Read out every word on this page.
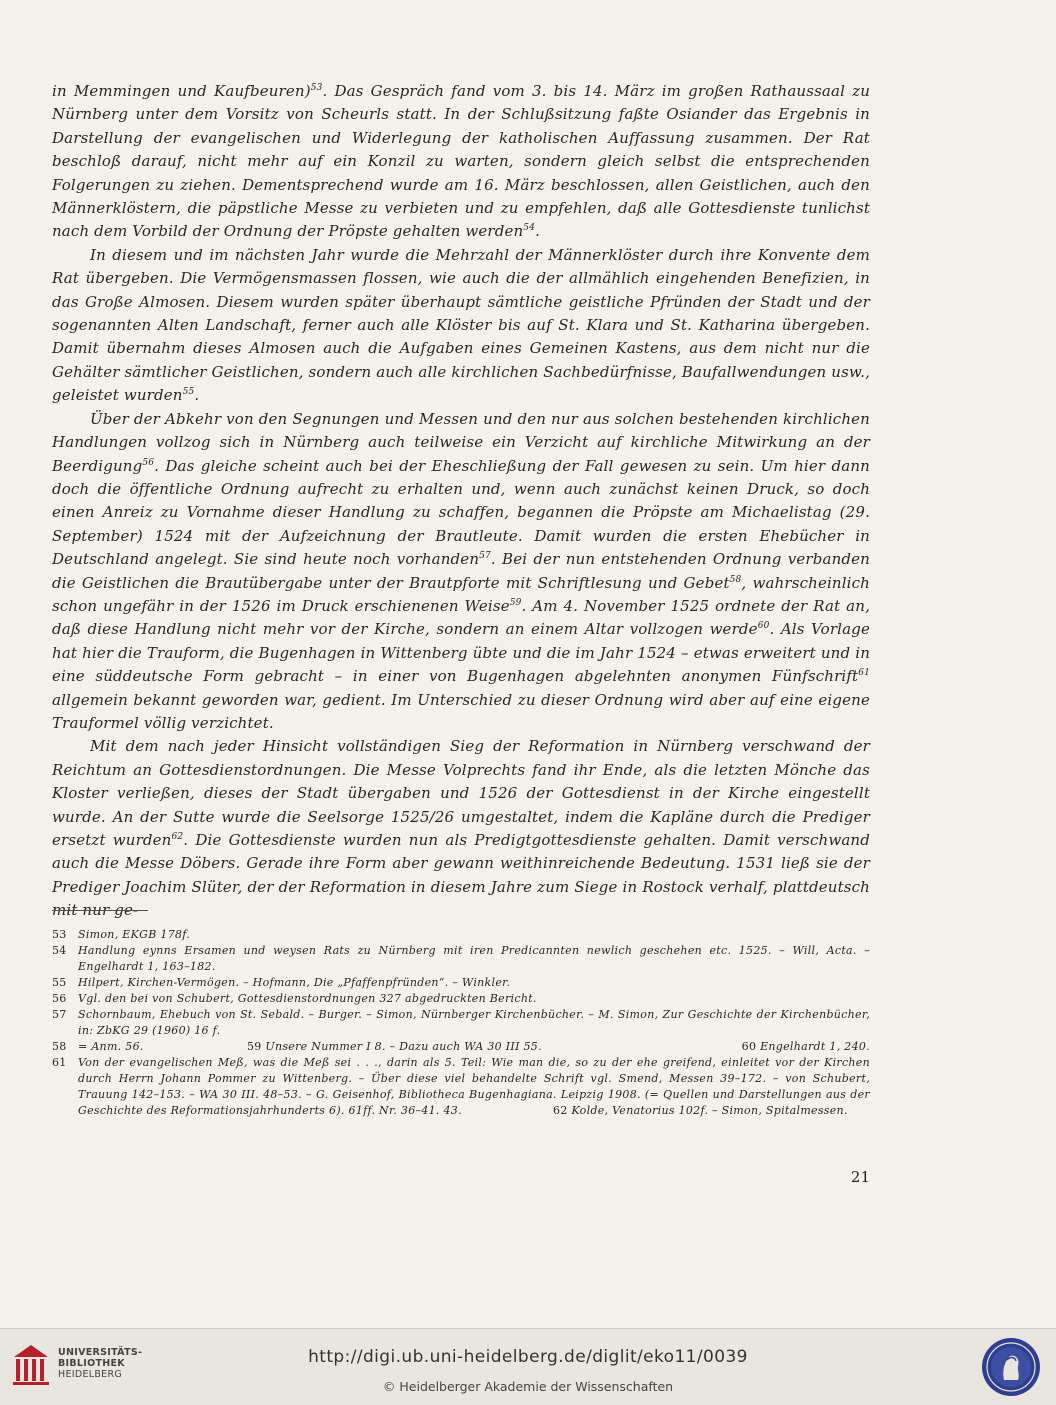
in Memmingen und Kaufbeuren)$^{53}$. Das Gespräch fand vom 3. bis 14. März im großen Rathaussaal zu Nürnberg unter dem Vorsitz von Scheurls statt. In der Schlußsitzung faßte Osiander das Ergebnis in Darstellung der evangelischen und Widerlegung der katholischen Auffassung zusammen. Der Rat beschloß darauf, nicht mehr auf ein Konzil zu warten, sondern gleich selbst die entsprechenden Folgerungen zu ziehen. Dementsprechend wurde am 16. März beschlossen, allen Geistlichen, auch den Männerklöstern, die päpstliche Messe zu verbieten und zu empfehlen, daß alle Gottesdienste tunlichst nach dem Vorbild der Ordnung der Pröpste gehalten werden$^{54}$.

In diesem und im nächsten Jahr wurde die Mehrzahl der Männerklöster durch ihre Konvente dem Rat übergeben. Die Vermögensmassen flossen, wie auch die der allmählich eingehenden Benefizien, in das Große Almosen. Diesem wurden später überhaupt sämtliche geistliche Pfründen der Stadt und der sogenannten Alten Landschaft, ferner auch alle Klöster bis auf St. Klara und St. Katharina übergeben. Damit übernahm dieses Almosen auch die Aufgaben eines Gemeinen Kastens, aus dem nicht nur die Gehälter sämtlicher Geistlichen, sondern auch alle kirchlichen Sachbedürfnisse, Baufallwendungen usw., geleistet wurden$^{55}$.

Über der Abkehr von den Segnungen und Messen und den nur aus solchen bestehenden kirchlichen Handlungen vollzog sich in Nürnberg auch teilweise ein Verzicht auf kirchliche Mitwirkung an der Beerdigung$^{56}$. Das gleiche scheint auch bei der Eheschließung der Fall gewesen zu sein. Um hier dann doch die öffentliche Ordnung aufrecht zu erhalten und, wenn auch zunächst keinen Druck, so doch einen Anreiz zu Vornahme dieser Handlung zu schaffen, begannen die Pröpste am Michaelistag (29. September) 1524 mit der Aufzeichnung der Brautleute. Damit wurden die ersten Ehebücher in Deutschland angelegt. Sie sind heute noch vorhanden$^{57}$. Bei der nun entstehenden Ordnung verbanden die Geistlichen die Brautübergabe unter der Brautpforte mit Schriftlesung und Gebet$^{58}$, wahrscheinlich schon ungefähr in der 1526 im Druck erschienenen Weise$^{59}$. Am 4. November 1525 ordnete der Rat an, daß diese Handlung nicht mehr vor der Kirche, sondern an einem Altar vollzogen werde$^{60}$. Als Vorlage hat hier die Trauform, die Bugenhagen in Wittenberg übte und die im Jahr 1524 – etwas erweitert und in eine süddeutsche Form gebracht – in einer von Bugenhagen abgelehnten anonymen Fünfschrift$^{61}$ allgemein bekannt geworden war, gedient. Im Unterschied zu dieser Ordnung wird aber auf eine eigene Trauformel völlig verzichtet.

Mit dem nach jeder Hinsicht vollständigen Sieg der Reformation in Nürnberg verschwand der Reichtum an Gottesdienstordnungen. Die Messe Volprechts fand ihr Ende, als die letzten Mönche das Kloster verließen, dieses der Stadt übergaben und 1526 der Gottesdienst in der Kirche eingestellt wurde. An der Sutte wurde die Seelsorge 1525/26 umgestaltet, indem die Kapläne durch die Prediger ersetzt wurden$^{62}$. Die Gottesdienste wurden nun als Predigtgottesdienste gehalten. Damit verschwand auch die Messe Döbers. Gerade ihre Form aber gewann weithinreichende Bedeutung. 1531 ließ sie der Prediger Joachim Slüter, der der Reformation in diesem Jahre zum Siege in Rostock verhalf, plattdeutsch mit nur ge-

53 Simon, EKGB 178f.

54 Handlung eynns Ersamen und weysen Rats zu Nürnberg mit iren Predicannten newlich geschehen etc. 1525. – Will, Acta. – Engelhardt 1, 163–182.

55 Hilpert, Kirchen-Vermögen. – Hofmann, Die „Pfaffenpfründen“. – Winkler.

56 Vgl. den bei von Schubert, Gottesdienstordnungen 327 abgedruckten Bericht.

57 Schornbaum, Ehebuch von St. Sebald. – Burger. – Simon, Nürnberger Kirchenbücher. – M. Simon, Zur Geschichte der Kirchenbücher, in: ZbKG 29 (1960) 16 f.

58 = Anm. 56.	59 Unsere Nummer I 8. – Dazu auch WA 30 III 55.	60 Engelhardt 1, 240.

61 Von der evangelischen Meß, was die Meß sei . . ., darin als 5. Teil: Wie man die, so zu der ehe greifend, einleitet vor der Kirchen durch Herrn Johann Pommer zu Wittenberg. – Über diese viel behandelte Schrift vgl. Smend, Messen 39–172. – von Schubert, Trauung 142–153. – WA 30 III. 48–53. – G. Geisenhof, Bibliotheca Bugenhagiana. Leipzig 1908. (= Quellen und Darstellungen aus der Geschichte des Reformationsjahrhunderts 6). 61ff. Nr. 36–41. 43.	62 Kolde, Venatorius 102f. – Simon, Spitalmessen.

21
UNIVERSITÄTS-
BIBLIOTHEK
HEIDELBERG
http://digi.ub.uni-heidelberg.de/diglit/eko11/0039
© Heidelberger Akademie der Wissenschaften
